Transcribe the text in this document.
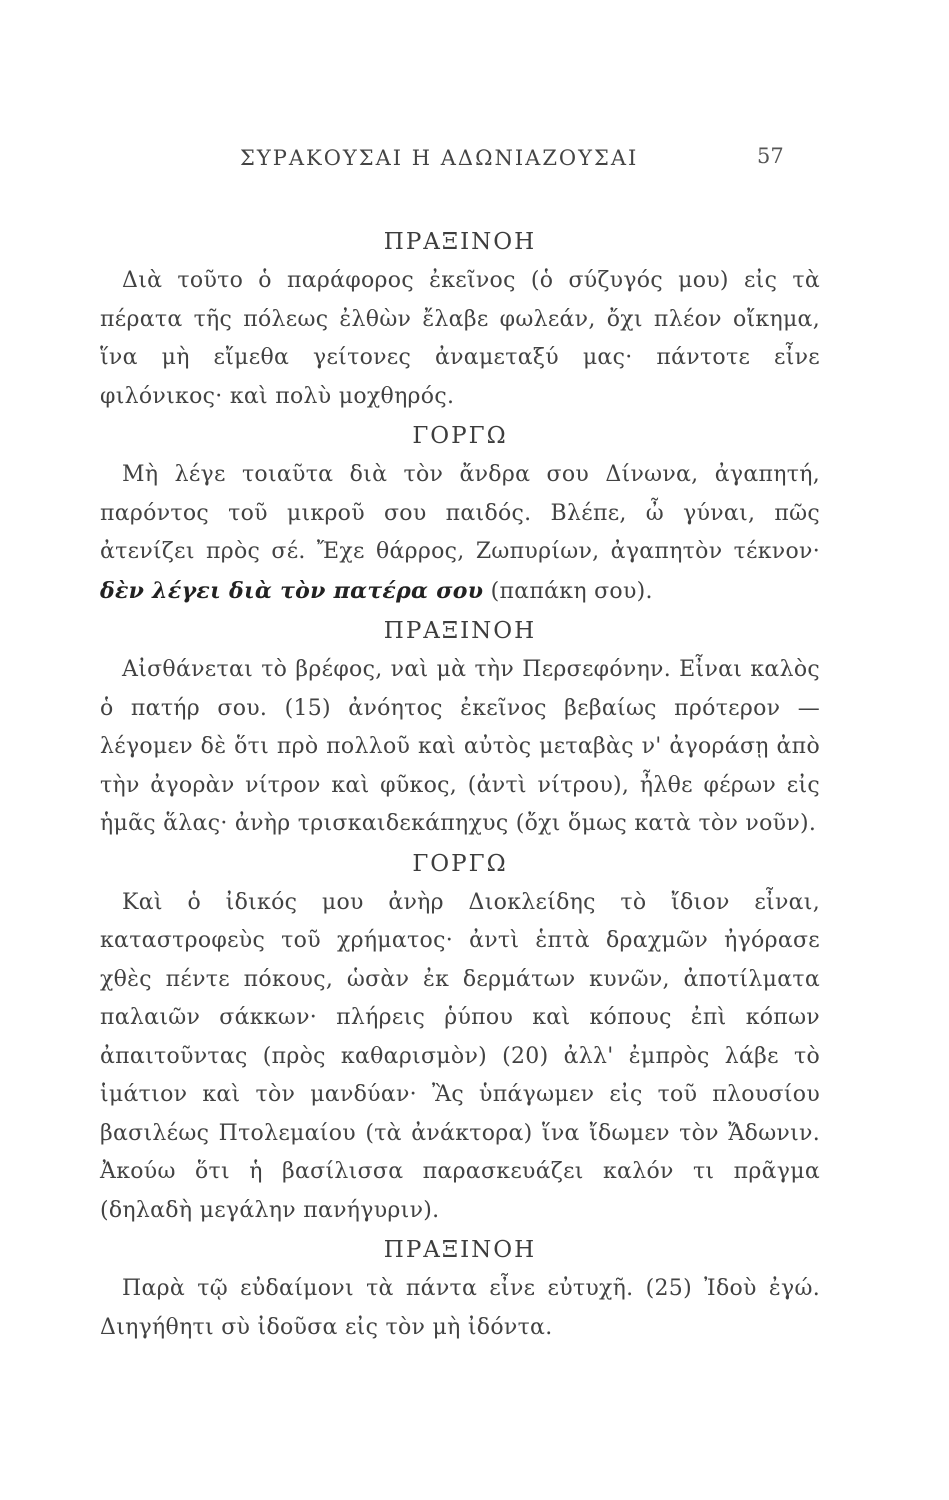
ΣΥΡΑΚΟΥΣΑΙ Η ΑΔΩΝΙΑΖΟΥΣΑΙ	57
ΠΡΑΞΙΝΟΗ

Διὰ τοῦτο ὁ παράφορος ἐκεῖνος (ὁ σύζυγός μου) εἰς τὰ πέρατα τῆς πόλεως ἐλθὼν ἔλαβε φωλεάν, ὄχι πλέον οἴκημα, ἵνα μὴ εἴμεθα γείτονες ἀναμεταξύ μας· πάντοτε εἶνε φιλόνικος· καὶ πολὺ μοχθηρός.

ΓΟΡΓΩ

Μὴ λέγε τοιαῦτα διὰ τὸν ἄνδρα σου Δίνωνα, ἀγαπητή, παρόντος τοῦ μικροῦ σου παιδός. Βλέπε, ὦ γύναι, πῶς ἀτενίζει πρὸς σέ. Ἔχε θάρρος, Ζωπυρίων, ἀγαπητὸν τέκνον· δὲν λέγει διὰ τὸν πατέρα σου (παπάκη σου).

ΠΡΑΞΙΝΟΗ

Αἰσθάνεται τὸ βρέφος, ναὶ μὰ τὴν Περσεφόνην. Εἶναι καλὸς ὁ πατήρ σου. (15) ἀνόητος ἐκεῖνος βεβαίως πρότερον — λέγομεν δὲ ὅτι πρὸ πολλοῦ καὶ αὐτὸς μεταβὰς ν' ἀγοράσῃ ἀπὸ τὴν ἀγορὰν νίτρον καὶ φῦκος, (ἀντὶ νίτρου), ἦλθε φέρων εἰς ἡμᾶς ἅλας· ἀνὴρ τρισκαιδεκάπηχυς (ὄχι ὅμως κατὰ τὸν νοῦν).

ΓΟΡΓΩ

Καὶ ὁ ἰδικός μου ἀνὴρ Διοκλείδης τὸ ἴδιον εἶναι, καταστροφεὺς τοῦ χρήματος· ἀντὶ ἑπτὰ δραχμῶν ἠγόρασε χθὲς πέντε πόκους, ὡσὰν ἐκ δερμάτων κυνῶν, ἀποτίλματα παλαιῶν σάκκων· πλήρεις ῥύπου καὶ κόπους ἐπὶ κόπων ἀπαιτοῦντας (πρὸς καθαρισμὸν) (20) ἀλλ' ἐμπρὸς λάβε τὸ ἱμάτιον καὶ τὸν μανδύαν· Ἂς ὑπάγωμεν εἰς τοῦ πλουσίου βασιλέως Πτολεμαίου (τὰ ἀνάκτορα) ἵνα ἴδωμεν τὸν Ἄδωνιν. Ἀκούω ὅτι ἡ βασίλισσα παρασκευάζει καλόν τι πρᾶγμα (δηλαδὴ μεγάλην πανήγυριν).

ΠΡΑΞΙΝΟΗ

Παρὰ τῷ εὐδαίμονι τὰ πάντα εἶνε εὐτυχῆ. (25) Ἰδοὺ ἐγώ. Διηγήθητι σὺ ἰδοῦσα εἰς τὸν μὴ ἰδόντα.
